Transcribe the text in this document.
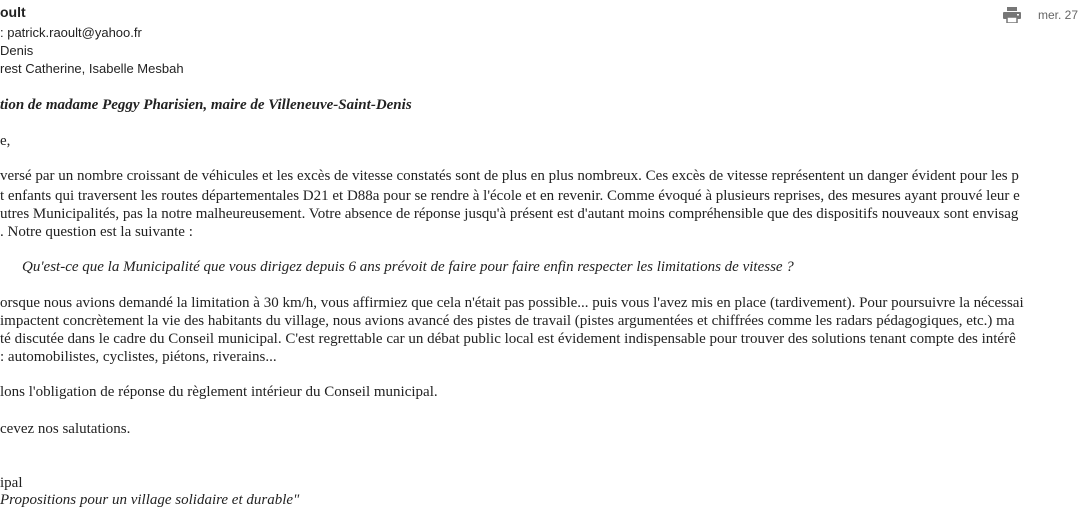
oult
: patrick.raoult@yahoo.fr
Denis
rest Catherine, Isabelle Mesbah
mer. 27
tion de madame Peggy Pharisien, maire de Villeneuve-Saint-Denis
e,
versé par un nombre croissant de véhicules et les excès de vitesse constatés sont de plus en plus nombreux. Ces excès de vitesse représentent un danger évident pour les p
t enfants qui traversent les routes départementales D21 et D88a pour se rendre à l'école et en revenir. Comme évoqué à plusieurs reprises, des mesures ayant prouvé leur e
utres Municipalités, pas la notre malheureusement. Votre absence de réponse jusqu'à présent est d'autant moins compréhensible que des dispositifs nouveaux sont envisag
. Notre question est la suivante :
Qu'est-ce que la Municipalité que vous dirigez depuis 6 ans prévoit de faire pour faire enfin respecter les limitations de vitesse ?
orsque nous avions demandé la limitation à 30 km/h, vous affirmiez que cela n'était pas possible... puis vous l'avez mis en place (tardivement). Pour poursuivre la nécessai
impactent concrètement la vie des habitants du village, nous avions avancé des pistes de travail (pistes argumentées et chiffrées comme les radars pédagogiques, etc.) ma
té discutée dans le cadre du Conseil municipal. C'est regrettable car un débat public local est évidement indispensable pour trouver des solutions tenant compte des intérê
: automobilistes, cyclistes, piétons, riverains...
lons l'obligation de réponse du règlement intérieur du Conseil municipal.
cevez nos salutations.
ipal
Propositions pour un village solidaire et durable"
